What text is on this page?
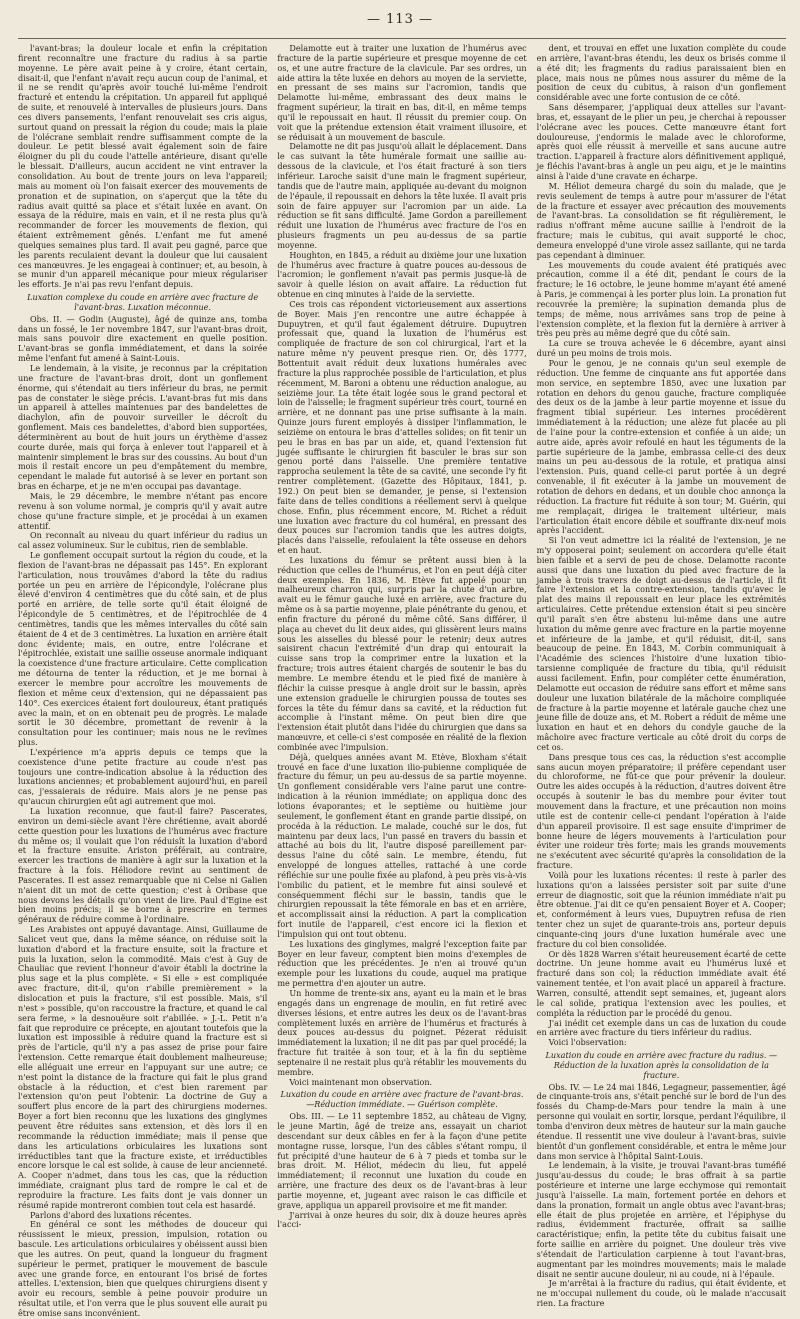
— 113 —

l'avant-bras; la douleur locale et enfin la crépitation firent reconnaître une fracture du radius à sa partie moyenne. Le père avait peine à y croire, étant certain, disait-il, que l'enfant n'avait reçu aucun coup de l'animal, et il ne se rendit qu'après avoir touché lui-même l'endroit fracturé et entendu la crépitation. Un appareil fut appliqué de suite, et renouvelé à intervalles de plusieurs jours. Dans ces divers pansements, l'enfant renouvelait ses cris aigus, surtout quand on pressait la région du coude; mais la plaie de l'olécrane semblait rendre suffisamment compte de la douleur. Le petit blessé avait également soin de faire éloigner du pli du coude l'attelle antérieure, disant qu'elle le blessait. D'ailleurs, aucun accident ne vint entraver la consolidation. Au bout de trente jours on leva l'appareil; mais au moment où l'on faisait exercer des mouvements de pronation et de supination, on s'aperçut que la tête du radius avait quitté sa place et s'était luxée en avant. On essaya de la réduire, mais en vain, et il ne resta plus qu'à recommander de forcer les mouvements de flexion, qui étaient extrêmement gênés. L'enfant me fut amené quelques semaines plus tard. Il avait peu gagné, parce que les parents reculaient devant la douleur que lui causaient ces manœuvres. Je les engageai à continuer; et, au besoin, à se munir d'un appareil mécanique pour mieux régulariser les efforts. Je n'ai pas revu l'enfant depuis.

Luxation complexe du coude en arrière avec fracture de l'avant-bras. Luxation méconnue.

Obs. II. — Godin (Auguste), âgé de quinze ans, tomba dans un fossé, le 1er novembre 1847, sur l'avant-bras droit, mais sans pouvoir dire exactement en quelle position. L'avant-bras se gonfla immédiatement, et dans la soirée même l'enfant fut amené à Saint-Louis.

Le lendemain, à la visite, je reconnus par la crépitation une fracture de l'avant-bras droit, dont un gonflement énorme, qui s'étendait au tiers inférieur du bras, ne permit pas de constater le siège précis. L'avant-bras fut mis dans un appareil à attelles maintenues par des bandelettes de diachylon, afin de pouvoir surveiller le décroît du gonflement. Mais ces bandelettes, d'abord bien supportées, déterminèrent au bout de huit jours un érythème d'assez courte durée, mais qui força à enlever tout l'appareil et à maintenir simplement le bras sur des coussins. Au bout d'un mois il restait encore un peu d'empâtement du membre, cependant le malade fut autorisé à se lever en portant son bras en écharpe, et je ne m'en occupai pas davantage.

Mais, le 29 décembre, le membre n'étant pas encore revenu à son volume normal, je compris qu'il y avait autre chose qu'une fracture simple, et je procédai à un examen attentif.

On reconnaît au niveau du quart inférieur du radius un cal assez volumineux. Sur le cubitus, rien de semblable.

Le gonflement occupait surtout la région du coude, et la flexion de l'avant-bras ne dépassait pas 145°. En explorant l'articulation, nous trouvâmes d'abord la tête du radius portée un peu en arrière de l'épicondyle, l'olécrane plus élevé d'environ 4 centimètres que du côté sain, et de plus porté en arrière, de telle sorte qu'il était éloigné de l'épicondyle de 5 centimètres, et de l'épitrochlée de 4 centimètres, tandis que les mêmes intervalles du côté sain étaient de 4 et de 3 centimètres. La luxation en arrière était donc évidente; mais, en outre, entre l'olécrane et l'épitrochlée, existait une saillie osseuse anormale indiquant la coexistence d'une fracture articulaire. Cette complication me détourna de tenter la réduction, et je me bornai à exercer le membre pour accroître les mouvements de flexion et même ceux d'extension, qui ne dépassaient pas 140°. Ces exercices étaient fort douloureux, étant pratiqués avec la main, et on en obtenait peu de progrès. Le malade sortit le 30 décembre, promettant de revenir à la consultation pour les continuer; mais nous ne le revîmes plus.

L'expérience m'a appris depuis ce temps que la coexistence d'une petite fracture au coude n'est pas toujours une contre-indication absolue à la réduction des luxations anciennes; et probablement aujourd'hui, en pareil cas, j'essaierais de réduire. Mais alors je ne pense pas qu'aucun chirurgien eût agi autrement que moi.

La luxation reconnue, que faut-il faire? Pascerates, environ un demi-siècle avant l'ère chrétienne, avait abordé cette question pour les luxations de l'humérus avec fracture du même os; il voulait que l'on réduisît la luxation d'abord et la fracture ensuite. Ariston préférait, au contraire, exercer les tractions de manière à agir sur la luxation et la fracture à la fois. Héliodore revint au sentiment de Pascerates. Il est assez remarquable que ni Celse ni Galien n'aient dit un mot de cette question; c'est à Oribase que nous devons les détails qu'on vient de lire. Paul d'Egine est bien moins précis; il se borne à prescrire en termes généraux de réduire comme à l'ordinaire.

Les Arabistes ont appuyé davantage. Ainsi, Guillaume de Salicet veut que, dans la même séance, on réduise soit la luxation d'abord et la fracture ensuite, soit la fracture et puis la luxation, selon la commodité. Mais c'est à Guy de Chauliac que revient l'honneur d'avoir établi la doctrine la plus sage et la plus complète. « Si elle » est compliquée avec fracture, dit-il, qu'on r'abille premièrement » la dislocation et puis la fracture, s'il est possible. Mais, s'il n'est » possible, qu'on raccoustre la fracture, et quand le cal sera ferme, » la desnouëure soit r'abillée. » J.-L. Petit n'a fait que reproduire ce précepte, en ajoutant toutefois que la luxation est impossible à réduire quand la fracture est si près de l'article, qu'il n'y a pas assez de prise pour faire l'extension. Cette remarque était doublement malheureuse; elle alléguait une erreur en l'appuyant sur une autre; ce n'est point la distance de la fracture qui fait le plus grand obstacle à la réduction, et c'est bien rarement par l'extension qu'on peut l'obtenir. La doctrine de Guy a souffert plus encore de la part des chirurgiens modernes. Boyer a fort bien reconnu que les luxations des ginglymes peuvent être réduites sans extension, et dès lors il en recommande la réduction immédiate; mais il pense que dans les articulations orbiculaires les luxations sont irréductibles tant que la fracture existe, et irréductibles encore lorsque le cal est solide, à cause de leur ancienneté. A. Cooper n'admet, dans tous les cas, que la réduction immédiate, craignant plus tard de rompre le cal et de reproduire la fracture. Les faits dont je vais donner un résumé rapide montreront combien tout cela est hasardé.

Parlons d'abord des luxations récentes.

En général ce sont les méthodes de douceur qui réussissent le mieux, pression, impulsion, rotation ou bascule. Les articulations orbiculaires y obéissent aussi bien que les autres. On peut, quand la longueur du fragment supérieur le permet, pratiquer le mouvement de bascule avec une grande force, en entourant l'os brisé de fortes attelles. L'extension, bien que quelques chirurgiens disent y avoir eu recours, semble à peine pouvoir produire un résultat utile, et l'on verra que le plus souvent elle aurait pu être omise sans inconvénient.

Delamotte eut à traiter une luxation de l'humérus avec fracture de la partie supérieure et presque moyenne de cet os, et une autre fracture de la clavicule. Par ses ordres, un aide attira la tête luxée en dehors au moyen de la serviette, en pressant de ses mains sur l'acromion, tandis que Delamotte lui-même, embrassant des deux mains le fragment supérieur, la tirait en bas, dit-il, en même temps qu'il le repoussait en haut. Il réussit du premier coup. On voit que la prétendue extension était vraiment illusoire, et se réduisait à un mouvement de bascule.

Delamotte ne dit pas jusqu'où allait le déplacement. Dans le cas suivant la tête humérale formait une saillie au-dessous de la clavicule, et l'os était fracturé à son tiers inférieur. Laroche saisit d'une main le fragment supérieur, tandis que de l'autre main, appliquée au-devant du moignon de l'épaule, il repoussait en dehors la tête luxée. Il avait pris soin de faire appuyer sur l'acromion par un aide. La réduction se fit sans difficulté. Jame Gordon a pareillement réduit une luxation de l'humérus avec fracture de l'os en plusieurs fragments un peu au-dessus de sa partie moyenne.

Houghton, en 1845, a réduit au dixième jour une luxation de l'humérus avec fracture à quatre pouces au-dessous de l'acromion; le gonflement n'avait pas permis jusque-là de savoir à quelle lésion on avait affaire. La réduction fut obtenue en cinq minutes à l'aide de la serviette.

Ces trois cas répondent victorieusement aux assertions de Boyer. Mais j'en rencontre une autre échappée à Dupuytren, et qu'il faut également détruire. Dupuytren professait que, quand la luxation de l'humérus est compliquée de fracture de son col chirurgical, l'art et la nature même n'y peuvent presque rien. Or, dès 1777, Bottentuit avait réduit deux luxations humérales avec fracture la plus rapprochée possible de l'articulation, et plus récemment, M. Baroni a obtenu une réduction analogue, au seizième jour. La tête était logée sous le grand pectoral et loin de l'aisselle; le fragment supérieur très court, tourné en arrière, et ne donnant pas une prise suffisante à la main. Quinze jours furent employés à dissiper l'inflammation, le seizième on entoura le bras d'attelles solides; on fit tenir un peu le bras en bas par un aide, et, quand l'extension fut jugée suffisante le chirurgien fit basculer le bras sur son genou porté dans l'aisselle. Une première tentative rapprocha seulement la tête de sa cavité, une seconde l'y fit rentrer complètement. (Gazette des Hôpitaux, 1841, p. 192.) On peut bien se demander, je pense, si l'extension faite dans de telles conditions a réellement servi à quelque chose. Enfin, plus récemment encore, M. Richet a réduit une luxation avec fracture du col huméral, en pressant des deux pouces sur l'acromion tandis que les autres doigts, placés dans l'aisselle, refoulaient la tête osseuse en dehors et en haut.

Les luxations du fémur se prêtent aussi bien à la réduction que celles de l'humérus, et l'on en peut déjà citer deux exemples. En 1836, M. Etève fut appelé pour un malheureux charron qui, surpris par la chute d'un arbre, avait eu le fémur gauche luxé en arrière, avec fracture du même os à sa partie moyenne, plaie pénétrante du genou, et enfin fracture du péroné du même côté. Sans différer, il plaça au chevet du lit deux aides, qui glissèrent leurs mains sous les aisselles du blessé pour le retenir; deux autres saisirent chacun l'extrémité d'un drap qui entourait la cuisse sans trop la comprimer entre la luxation et la fracture; trois autres étaient chargés de soutenir le bas du membre. Le membre étendu et le pied fixé de manière à fléchir la cuisse presque à angle droit sur le bassin, après une extension graduelle le chirurgien poussa de toutes ses forces la tête du fémur dans sa cavité, et la réduction fut accomplie à l'instant même. On peut bien dire que l'extension était plutôt dans l'idée du chirurgien que dans sa manœuvre, et celle-ci s'est composée en réalité de la flexion combinée avec l'impulsion.

Déjà, quelques années avant M. Etève, Bloxham s'était trouvé en face d'une luxation ilio-pubienne compliquée de fracture du fémur, un peu au-dessus de sa partie moyenne. Un gonflement considérable vers l'aine parut une contre-indication à la réunion immédiate; on appliqua donc des lotions évaporantes; et le septième ou huitième jour seulement, le gonflement étant en grande partie dissipé, on procéda à la réduction. Le malade, couché sur le dos, fut maintenu par deux lacs, l'un passé en travers du bassin et attaché au bois du lit, l'autre disposé pareillement par-dessus l'aine du côté sain. Le membre, étendu, fut enveloppé de longues attelles, rattaché à une corde réfléchie sur une poulie fixée au plafond, à peu près vis-à-vis l'ombilic du patient, et le membre fut ainsi soulevé et conséquemment fléchi sur le bassin, tandis que le chirurgien repoussait la tête fémorale en bas et en arrière, et accomplissait ainsi la réduction. A part la complication fort inutile de l'appareil, c'est encore ici la flexion et l'impulsion qui ont tout obtenu.

Les luxations des ginglymes, malgré l'exception faite par Boyer en leur faveur, comptent bien moins d'exemples de réduction que les précédentes. Je n'en ai trouvé qu'un exemple pour les luxations du coude, auquel ma pratique me permettra d'en ajouter un autre.

Un homme de trente-six ans, ayant eu la main et le bras engagés dans un engrenage de moulin, en fut retiré avec diverses lésions, et entre autres les deux os de l'avant-bras complètement luxés en arrière de l'humérus et fracturés à deux pouces au-dessus du poignet. Pézerat réduisit immédiatement la luxation; il ne dit pas par quel procédé; la fracture fut traitée à son tour, et à la fin du septième septenaire il ne restait plus qu'à rétablir les mouvements du membre.

Voici maintenant mon observation.

Luxation du coude en arrière avec fracture de l'avant-bras.—Réduction immédiate. — Guérison complète.

Obs. III. — Le 11 septembre 1852, au château de Vigny, le jeune Martin, âgé de treize ans, essayait un chariot descendant sur deux câbles en fer à la façon d'une petite montagne russe, lorsque, l'un des câbles s'étant rompu, il fut précipité d'une hauteur de 6 à 7 pieds et tomba sur le bras droit. M. Héliot, médecin du lieu, fut appelé immédiatement; il reconnut une luxation du coude en arrière, une fracture des deux os de l'avant-bras à leur partie moyenne, et, jugeant avec raison le cas difficile et grave, appliqua un appareil provisoire et me fit mander.

J'arrivai à onze heures du soir, dix à douze heures après l'acci-

dent, et trouvai en effet une luxation complète du coude en arrière, l'avant-bras étendu, les deux os brisés comme il a été dit; les fragments du radius paraissaient bien en place, mais nous ne pûmes nous assurer du même de la position de ceux du cubitus, à raison d'un gonflement considérable avec une forte contusion de ce côté.

Sans désemparer, j'appliquai deux attelles sur l'avant-bras, et, essayant de le plier un peu, je cherchai à repousser l'olécrane avec les pouces. Cette manœuvre étant fort douloureuse, j'endormis le malade avec le chloroforme, après quoi elle réussit à merveille et sans aucune autre traction. L'appareil à fracture alors définitivement appliqué, je fléchis l'avant-bras à angle un peu aigu, et je le maintins ainsi à l'aide d'une cravate en écharpe.

M. Héliot demeura chargé du soin du malade, que je revis seulement de temps à autre pour m'assurer de l'état de la fracture et essayer avec précaution des mouvements de l'avant-bras. La consolidation se fit régulièrement, le radius n'offrant même aucune saillie à l'endroit de la fracture; mais le cubitus, qui avait supporté le choc, demeura enveloppé d'une virole assez saillante, qui ne tarda pas cependant à diminuer.

Les mouvements du coude avaient été pratiqués avec précaution, comme il a été dit, pendant le cours de la fracture; le 16 octobre, le jeune homme m'ayant été amené à Paris, je commençai à les porter plus loin. La pronation fut recouvrée la première; la supination demanda plus de temps; de même, nous arrivâmes sans trop de peine à l'extension complète, et la flexion fut la dernière à arriver à très peu près au même degré que du côté sain.

La cure se trouva achevée le 6 décembre, ayant ainsi duré un peu moins de trois mois.

Pour le genou, je ne connais qu'un seul exemple de réduction. Une femme de cinquante ans fut apportée dans mon service, en septembre 1850, avec une luxation par rotation en dehors du genou gauche, fracture compliquée des deux os de la jambe à leur partie moyenne et issue du fragment tibial supérieur. Les internes procédèrent immédiatement à la réduction; une alèze fut placée au pli de l'aine pour la contre-extension et confiée à un aide; un autre aide, après avoir refoulé en haut les téguments de la partie supérieure de la jambe, embrassa celle-ci des deux mains un peu au-dessous de la rotule, et pratiqua ainsi l'extension. Puis, quand celle-ci parut portée à un degré convenable, il fit exécuter à la jambe un mouvement de rotation de dehors en dedans, et un double choc annonça la réduction. La fracture fut réduite à son tour; M. Guérin, qui me remplaçait, dirigea le traitement ultérieur, mais l'articulation était encore débile et souffrante dix-neuf mois après l'accident.

Si l'on veut admettre ici la réalité de l'extension, je ne m'y opposerai point; seulement on accordera qu'elle était bien faible et a servi de peu de chose. Delamotte raconte aussi que dans une luxation du pied avec fracture de la jambe à trois travers de doigt au-dessus de l'article, il fit faire l'extension et la contre-extension, tandis qu'avec le plat des mains il repoussait en leur place les extrémités articulaires. Cette prétendue extension était si peu sincère qu'il paraît s'en être abstenu lui-même dans une autre luxation du même genre avec fracture en la partie moyenne et inférieure de la jambe, et qu'il réduisit, dit-il, sans beaucoup de peine. En 1843, M. Corbin communiquait à l'Académie des sciences l'histoire d'une luxation tibio-tarsienne compliquée de fracture du tibia, qu'il réduisit aussi facilement. Enfin, pour compléter cette énumération, Delamotte eut occasion de réduire sans effort et même sans douleur une luxation bilatérale de la mâchoire compliquée de fracture à la partie moyenne et latérale gauche chez une jeune fille de douze ans, et M. Robert a réduit de même une luxation en haut et en dehors du condyle gauche de la mâchoire avec fracture verticale au côté droit du corps de cet os.

Dans presque tous ces cas, la réduction s'est accomplie sans aucun moyen préparatoire; il préfère cependant user du chloroforme, ne fût-ce que pour prévenir la douleur. Outre les aides occupés à la réduction, d'autres doivent être occupés à soutenir le bas du membre pour éviter tout mouvement dans la fracture, et une précaution non moins utile est de contenir celle-ci pendant l'opération à l'aide d'un appareil provisoire. Il est sage ensuite d'imprimer de bonne heure de légers mouvements à l'articulation pour éviter une roideur très forte; mais les grands mouvements ne s'exécutent avec sécurité qu'après la consolidation de la fracture.

Voilà pour les luxations récentes: il reste à parler des luxations qu'on a laissées persister soit par suite d'une erreur de diagnostic, soit que la réunion immédiate n'ait pu être obtenue. J'ai dit ce qu'en pensaient Boyer et A. Cooper; et, conformément à leurs vues, Dupuytren refusa de rien tenter chez un sujet de quarante-trois ans, porteur depuis cinquante-cinq jours d'une luxation humérale avec une fracture du col bien consolidée.

Or dès 1828 Warren s'était heureusement écarté de cette doctrine. Un jeune homme avait eu l'humérus luxé et fracturé dans son col; la réduction immédiate avait été vainement tentée, et l'on avait placé un appareil à fracture. Warren, consulté, attendit sept semaines, et, jugeant alors le cal solide, pratiqua l'extension avec les poulies, et compléta la réduction par le procédé du genou.

J'ai inédit cet exemple dans un cas de luxation du coude en arrière avec fracture du tiers inférieur du radius.

Voici l'observation:

Luxation du coude en arrière avec fracture du radius. — Réduction de la luxation après la consolidation de la fracture.

Obs. IV. — Le 24 mai 1846, Legagneur, passementier, âgé de cinquante-trois ans, s'était penché sur le bord de l'un des fossés du Champ-de-Mars pour tendre la main à une personne qui voulait en sortir, lorsque, perdant l'équilibre, il tomba d'environ deux mètres de hauteur sur la main gauche étendue. Il ressentit une vive douleur à l'avant-bras, suivie bientôt d'un gonflement considérable, et entra le même jour dans mon service à l'hôpital Saint-Louis.

Le lendemain, à la visite, je trouvai l'avant-bras tuméfié jusqu'au-dessus du coude; le bras offrait à sa partie postérieure et interne une large ecchymose qui remontait jusqu'à l'aisselle. La main, fortement portée en dehors et dans la pronation, formait un angle obtus avec l'avant-bras; elle était de plus projetée en arrière, et l'épiphyse du radius, évidemment fracturée, offrait sa saillie caractéristique; enfin, la petite tête du cubitus faisait une forte saillie en arrière du poignet. Une douleur très vive s'étendait de l'articulation carpienne à tout l'avant-bras, augmentant par les moindres mouvements; mais le malade disait ne sentir aucune douleur, ni au coude, ni à l'épaule.

Je m'arrêtai à la fracture du radius, qui était évidente, et ne m'occupai nullement du coude, où le malade n'accusait rien. La fracture
